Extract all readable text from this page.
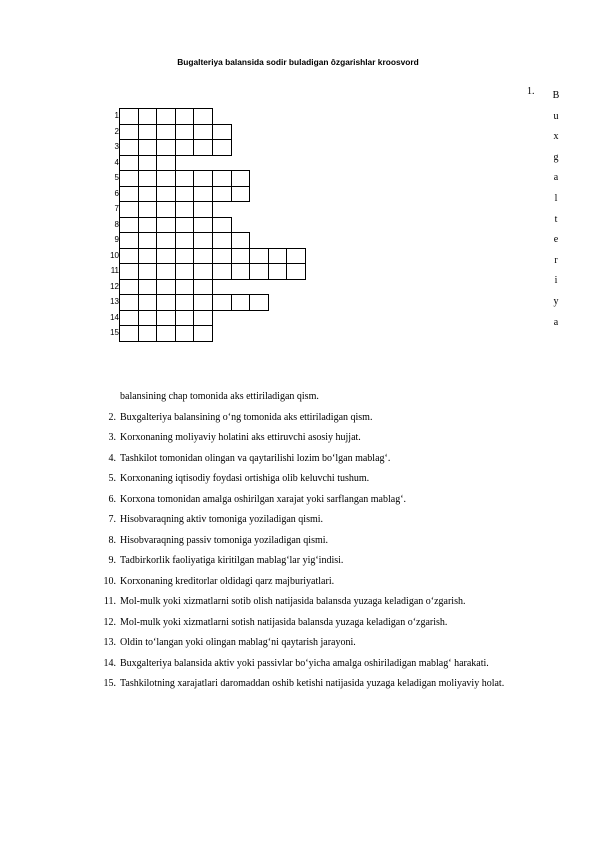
Bugalteriya balansida sodir buladigan ôzgarishlar kroosvord
1. B
u
x
g
a
l
t
e
r
i
y
a
1
2
3
4
5
6
7
8
9
10
11
12
13
14
15
balansining chap tomonida aks ettiriladigan qism.
2. Buxgalteriya balansining o‘ng tomonida aks ettiriladigan qism.
3. Korxonaning moliyaviy holatini aks ettiruvchi asosiy hujjat.
4. Tashkilot tomonidan olingan va qaytarilishi lozim bo‘lgan mablag‘.
5. Korxonaning iqtisodiy foydasi ortishiga olib keluvchi tushum.
6. Korxona tomonidan amalga oshirilgan xarajat yoki sarflangan mablag‘.
7. Hisobvaraqning aktiv tomoniga yoziladigan qismi.
8. Hisobvaraqning passiv tomoniga yoziladigan qismi.
9. Tadbirkorlik faoliyatiga kiritilgan mablag‘lar yig‘indisi.
10. Korxonaning kreditorlar oldidagi qarz majburiyatlari.
11. Mol-mulk yoki xizmatlarni sotib olish natijasida balansda yuzaga keladigan o‘zgarish.
12. Mol-mulk yoki xizmatlarni sotish natijasida balansda yuzaga keladigan o‘zgarish.
13. Oldin to‘langan yoki olingan mablag‘ni qaytarish jarayoni.
14. Buxgalteriya balansida aktiv yoki passivlar bo‘yicha amalga oshiriladigan mablag‘ harakati.
15. Tashkilotning xarajatlari daromaddan oshib ketishi natijasida yuzaga keladigan moliyaviy holat.
